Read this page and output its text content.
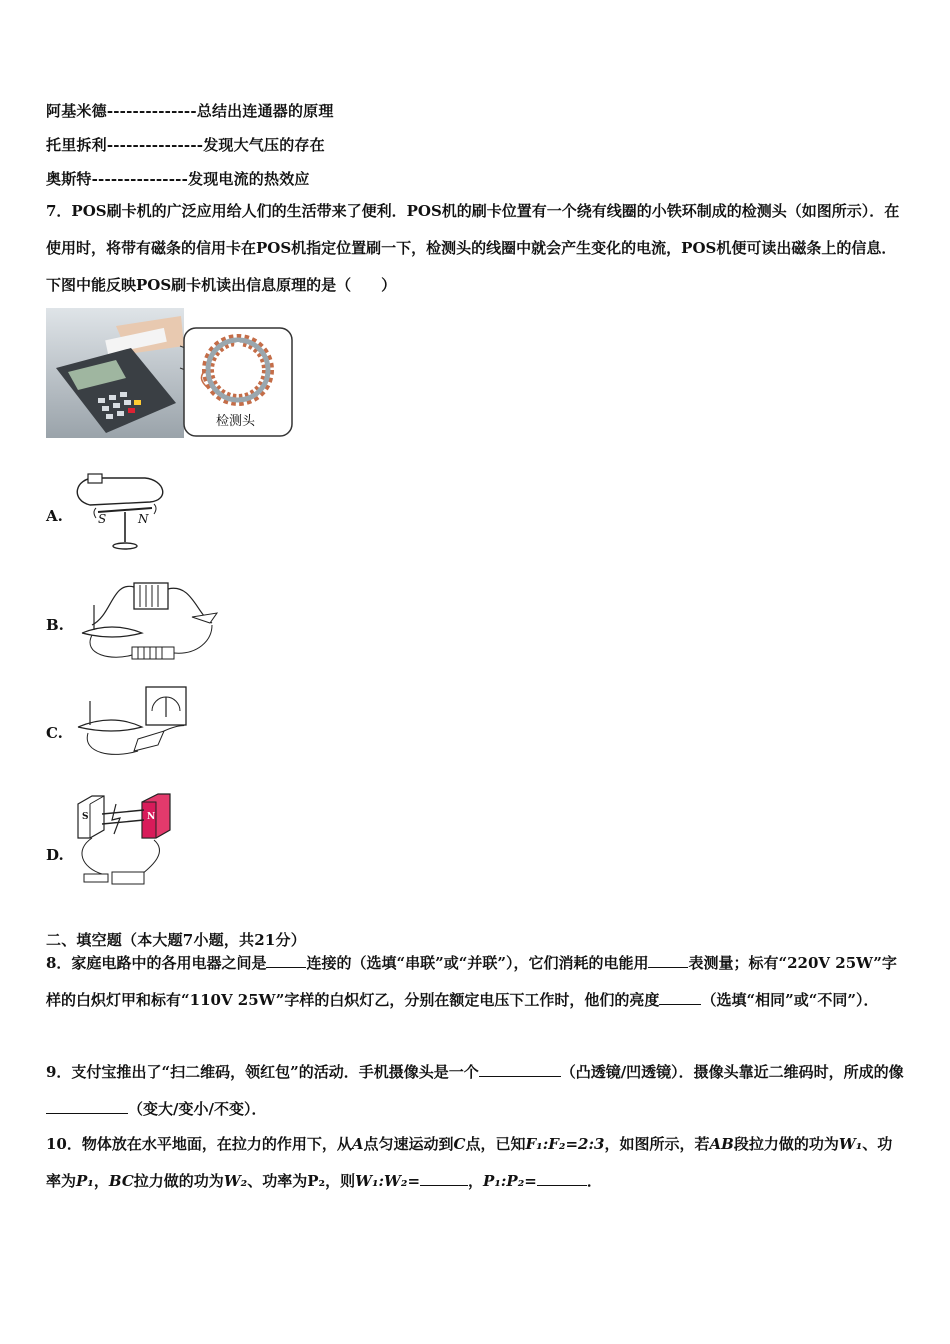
阿基米德--------------总结出连通器的原理
托里拆利---------------发现大气压的存在
奥斯特---------------发现电流的热效应
7．POS刷卡机的广泛应用给人们的生活带来了便利．POS机的刷卡位置有一个绕有线圈的小铁环制成的检测头（如图所示）．在使用时，将带有磁条的信用卡在POS机指定位置刷一下，检测头的线圈中就会产生变化的电流，POS机便可读出磁条上的信息．下图中能反映POS刷卡机读出信息原理的是（　　）
检测头
A.	S	N
B.
C.
D.
S	N
二、填空题（本大题7小题，共21分）
8．家庭电路中的各用电器之间是	连接的（选填“串联”或“并联”），它们消耗的电能用	表测量；标有“220V 25W”字样的白炽灯甲和标有“110V 25W”字样的白炽灯乙，分别在额定电压下工作时，他们的亮度	（选填“相同”或“不同”）．
9．支付宝推出了“扫二维码，领红包”的活动．手机摄像头是一个	（凸透镜/凹透镜）．摄像头靠近二维码时，所成的像（变大/变小/不变）．
10．物体放在水平地面，在拉力的作用下，从A点匀速运动到C点，已知F₁:F₂=2:3，如图所示，若AB段拉力做的功为W₁、功率为P₁，BC拉力做的功为W₂、功率为P₂，则W₁:W₂=	，P₁:P₂=	．
